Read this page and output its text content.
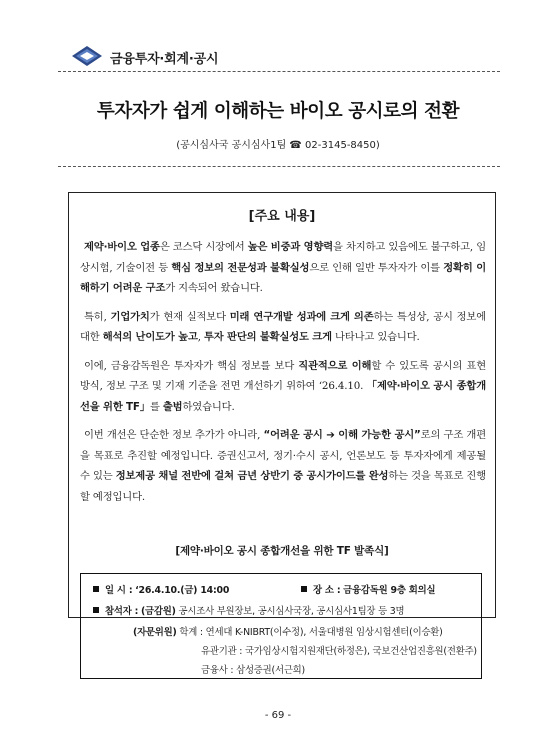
금융투자·회계·공시
투자자가 쉽게 이해하는 바이오 공시로의 전환
(공시심사국 공시심사1팀 ☎ 02-3145-8450)
[주요 내용]
제약·바이오 업종은 코스닥 시장에서 높은 비중과 영향력을 차지하고 있음에도 불구하고, 임상시험, 기술이전 등 핵심 정보의 전문성과 불확실성으로 인해 일반 투자자가 이를 정확히 이해하기 어려운 구조가 지속되어 왔습니다.
특히, 기업가치가 현재 실적보다 미래 연구개발 성과에 크게 의존하는 특성상, 공시 정보에 대한 해석의 난이도가 높고, 투자 판단의 불확실성도 크게 나타나고 있습니다.
이에, 금융감독원은 투자자가 핵심 정보를 보다 직관적으로 이해할 수 있도록 공시의 표현 방식, 정보 구조 및 기재 기준을 전면 개선하기 위하여 ‘26.4.10. 「제약·바이오 공시 종합개선을 위한 TF」를 출범하였습니다.
이번 개선은 단순한 정보 추가가 아니라, “어려운 공시 ➔ 이해 가능한 공시”로의 구조 개편을 목표로 추진할 예정입니다. 증권신고서, 정기·수시 공시, 언론보도 등 투자자에게 제공될 수 있는 정보제공 채널 전반에 걸쳐 금년 상반기 중 공시가이드를 완성하는 것을 목표로 진행할 예정입니다.
[제약·바이오 공시 종합개선을 위한 TF 발족식]
일 시 : ‘26.4.10.(금) 14:00	장 소 : 금융감독원 9층 회의실
참석자 : (금감원) 공시조사 부원장보, 공시심사국장, 공시심사1팀장 등 3명
(자문위원) 학계 : 연세대 K-NIBRT(이수정), 서울대병원 임상시험센터(이승환)
유관기관 : 국가임상시험지원재단(하정은), 국보건산업진흥원(전환주)
금융사 : 삼성증권(서근희)
- 69 -
